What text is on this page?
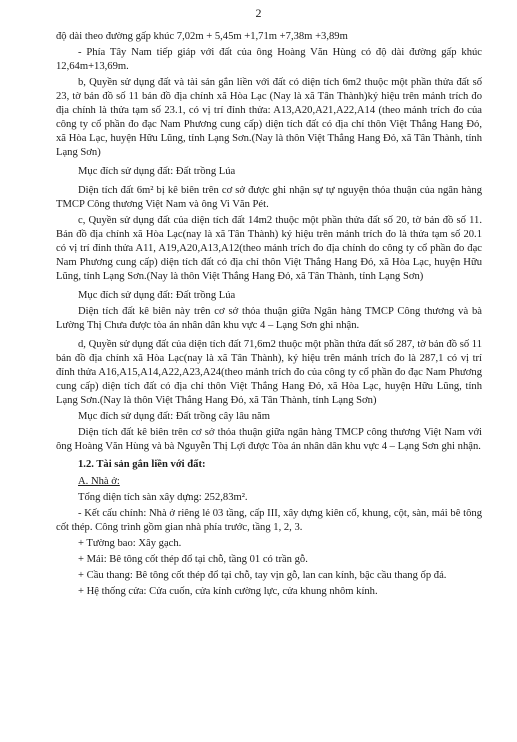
2

độ dài theo đường gấp khúc 7,02m + 5,45m +1,71m +7,38m +3,89m

- Phía Tây Nam tiếp giáp với đất của ông Hoàng Văn Hùng có độ dài đường gấp khúc 12,64m+13,69m.

b, Quyền sử dụng đất và tài sản gắn liền với đất có diện tích 6m2 thuộc một phần thửa đất số 23, tờ bản đồ số 11 bản đồ địa chính xã Hòa Lạc (Nay là xã Tân Thành)ký hiệu trên mảnh trích đo địa chính là thửa tạm số 23.1, có vị trí đỉnh thửa: A13,A20,A21,A22,A14 (theo mảnh trích đo của công ty cổ phần đo đạc Nam Phương cung cấp) diện tích đất có địa chỉ thôn Việt Thắng Hang Đỏ, xã Hòa Lạc, huyện Hữu Lũng, tỉnh Lạng Sơn.(Nay là thôn Việt Thắng Hang Đỏ, xã Tân Thành, tỉnh Lạng Sơn)

Mục đích sử dụng đất: Đất trồng Lúa

Diện tích đất 6m² bị kê biên trên cơ sở được ghi nhận sự tự nguyện thỏa thuận của ngân hàng TMCP Công thương Việt Nam và ông Vi Văn Pét.

c, Quyền sử dụng đất của diện tích đất 14m2 thuộc một phần thửa đất số 20, tờ bản đồ số 11. Bản đồ địa chính xã Hòa Lạc(nay là xã Tân Thành) ký hiệu trên mảnh trích đo là thửa tạm số 20.1 có vị trí đỉnh thửa A11, A19,A20,A13,A12(theo mảnh trích đo địa chính do công ty cổ phần đo đạc Nam Phương cung cấp) diện tích đất có địa chỉ thôn Việt Thắng Hang Đỏ, xã Hòa Lạc, huyện Hữu Lũng, tỉnh Lạng Sơn.(Nay là thôn Việt Thắng Hang Đỏ, xã Tân Thành, tỉnh Lạng Sơn)

Mục đích sử dụng đất: Đất trồng Lúa

Diện tích đất kê biên này trên cơ sở thỏa thuận giữa Ngân hàng TMCP Công thương và bà Lường Thị Chưa được tòa án nhân dân khu vực 4 – Lạng Sơn ghi nhận.

d, Quyền sử dụng đất của diện tích đất 71,6m2 thuộc một phần thửa đất số 287, tờ bản đồ số 11 bản đồ địa chính xã Hòa Lạc(nay là xã Tân Thành), ký hiệu trên mảnh trích đo là 287,1 có vị trí đỉnh thửa A16,A15,A14,A22,A23,A24(theo mảnh trích đo của công ty cổ phần đo đạc Nam Phương cung cấp) diện tích đất có địa chỉ thôn Việt Thắng Hang Đỏ, xã Hòa Lạc, huyện Hữu Lũng, tỉnh Lạng Sơn.(Nay là thôn Việt Thắng Hang Đỏ, xã Tân Thành, tỉnh Lạng Sơn)

Mục đích sử dụng đất: Đất trồng cây lâu năm

Diện tích đất kê biên trên cơ sở thỏa thuận giữa ngân hàng TMCP công thương Việt Nam với ông Hoàng Văn Hùng và bà Nguyễn Thị Lợi được Tòa án nhân dân khu vực 4 – Lạng Sơn ghi nhận.

1.2. Tài sản gắn liền với đất:

A. Nhà ở:

Tổng diện tích sàn xây dựng: 252,83m².

- Kết cấu chính: Nhà ở riêng lẻ 03 tầng, cấp III, xây dựng kiên cố, khung, cột, sàn, mái bê tông cốt thép. Công trình gồm gian nhà phía trước, tầng 1, 2, 3.

+ Tường bao: Xây gạch.

+ Mái: Bê tông cốt thép đổ tại chỗ, tầng 01 có trần gỗ.

+ Cầu thang: Bê tông cốt thép đổ tại chỗ, tay vịn gỗ, lan can kính, bậc cầu thang ốp đá.

+ Hệ thống cửa: Cửa cuốn, cửa kính cường lực, cửa khung nhôm kính.
